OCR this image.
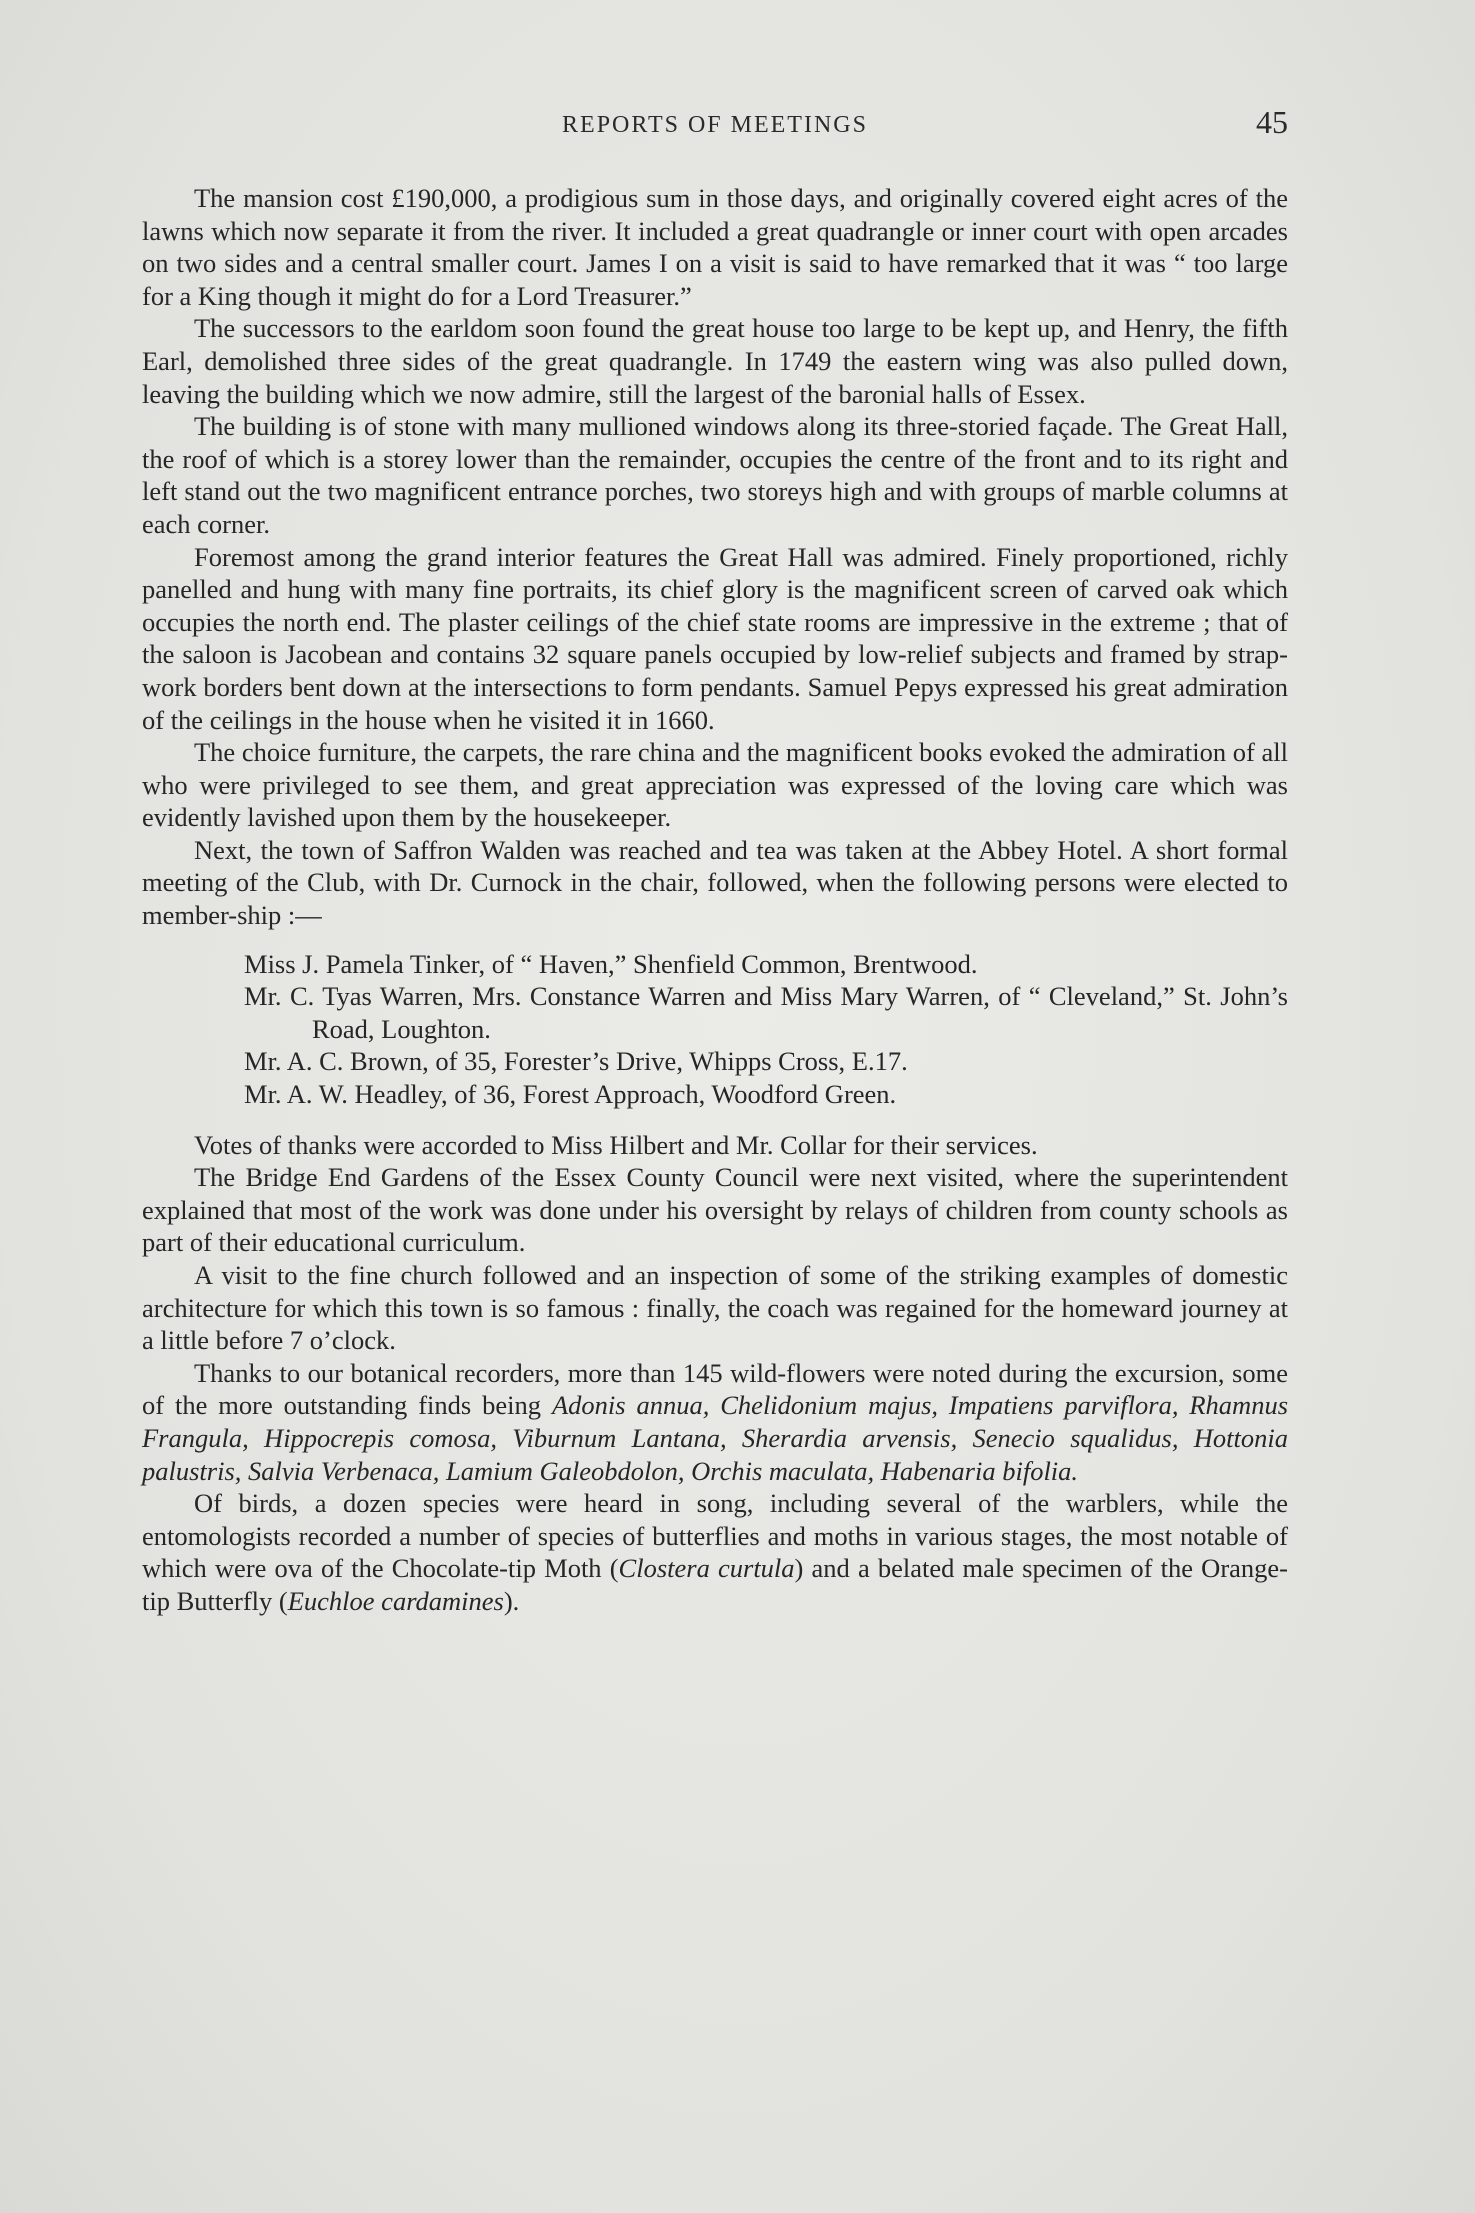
REPORTS OF MEETINGS	45

The mansion cost £190,000, a prodigious sum in those days, and originally covered eight acres of the lawns which now separate it from the river. It included a great quadrangle or inner court with open arcades on two sides and a central smaller court. James I on a visit is said to have remarked that it was “ too large for a King though it might do for a Lord Treasurer.”

The successors to the earldom soon found the great house too large to be kept up, and Henry, the fifth Earl, demolished three sides of the great quadrangle. In 1749 the eastern wing was also pulled down, leaving the building which we now admire, still the largest of the baronial halls of Essex.

The building is of stone with many mullioned windows along its three-storied façade. The Great Hall, the roof of which is a storey lower than the remainder, occupies the centre of the front and to its right and left stand out the two magnificent entrance porches, two storeys high and with groups of marble columns at each corner.

Foremost among the grand interior features the Great Hall was admired. Finely proportioned, richly panelled and hung with many fine portraits, its chief glory is the magnificent screen of carved oak which occupies the north end. The plaster ceilings of the chief state rooms are impressive in the extreme ; that of the saloon is Jacobean and contains 32 square panels occupied by low-relief subjects and framed by strap-work borders bent down at the intersections to form pendants. Samuel Pepys expressed his great admiration of the ceilings in the house when he visited it in 1660.

The choice furniture, the carpets, the rare china and the magnificent books evoked the admiration of all who were privileged to see them, and great appreciation was expressed of the loving care which was evidently lavished upon them by the housekeeper.

Next, the town of Saffron Walden was reached and tea was taken at the Abbey Hotel. A short formal meeting of the Club, with Dr. Curnock in the chair, followed, when the following persons were elected to member-ship :—

Miss J. Pamela Tinker, of “ Haven,” Shenfield Common, Brentwood.
Mr. C. Tyas Warren, Mrs. Constance Warren and Miss Mary Warren, of “ Cleveland,” St. John’s Road, Loughton.
Mr. A. C. Brown, of 35, Forester’s Drive, Whipps Cross, E.17.
Mr. A. W. Headley, of 36, Forest Approach, Woodford Green.

Votes of thanks were accorded to Miss Hilbert and Mr. Collar for their services.

The Bridge End Gardens of the Essex County Council were next visited, where the superintendent explained that most of the work was done under his oversight by relays of children from county schools as part of their educational curriculum.

A visit to the fine church followed and an inspection of some of the striking examples of domestic architecture for which this town is so famous : finally, the coach was regained for the homeward journey at a little before 7 o’clock.

Thanks to our botanical recorders, more than 145 wild-flowers were noted during the excursion, some of the more outstanding finds being Adonis annua, Chelidonium majus, Impatiens parviflora, Rhamnus Frangula, Hippocrepis comosa, Viburnum Lantana, Sherardia arvensis, Senecio squalidus, Hottonia palustris, Salvia Verbenaca, Lamium Galeobdolon, Orchis maculata, Habenaria bifolia.

Of birds, a dozen species were heard in song, including several of the warblers, while the entomologists recorded a number of species of butterflies and moths in various stages, the most notable of which were ova of the Chocolate-tip Moth (Clostera curtula) and a belated male specimen of the Orange-tip Butterfly (Euchloe cardamines).
